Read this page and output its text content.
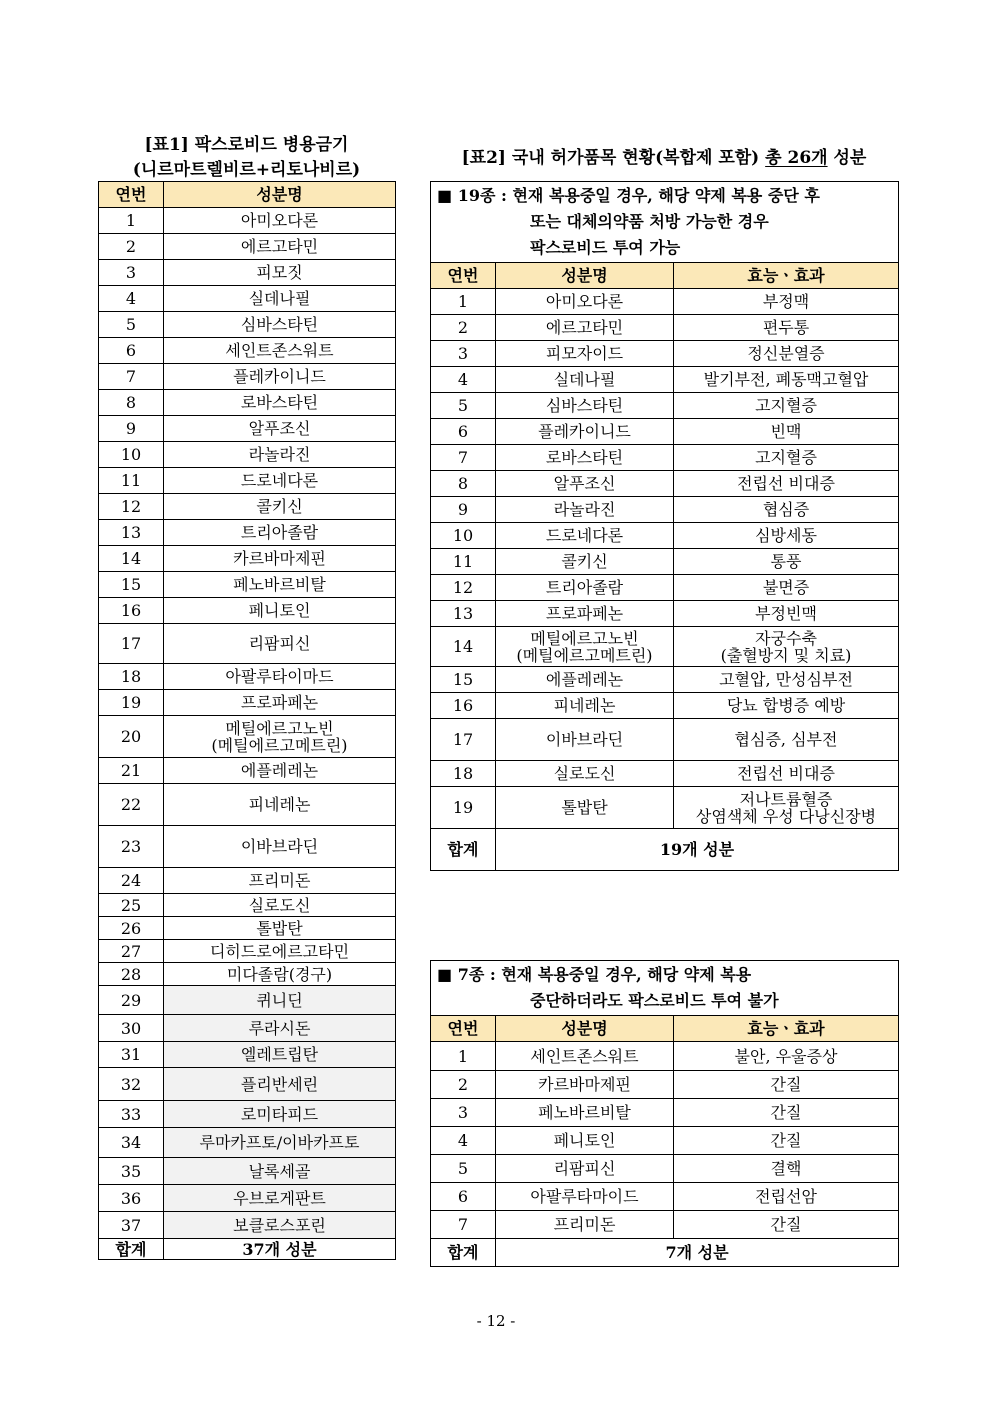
[표1] 팍스로비드 병용금기
(니르마트렐비르+리토나비르)
[표2] 국내 허가품목 현황(복합제 포함) 총 26개 성분
연번	성분명
1	아미오다론
2	에르고타민
3	피모짓
4	실데나필
5	심바스타틴
6	세인트존스워트
7	플레카이니드
8	로바스타틴
9	알푸조신
10	라놀라진
11	드로네다론
12	콜키신
13	트리아졸람
14	카르바마제핀
15	페노바르비탈
16	페니토인
17	리팜피신
18	아팔루타이마드
19	프로파페논
20	메틸에르고노빈
(메틸에르고메트린)
21	에플레레논
22	피네레논
23	이바브라딘
24	프리미돈
25	실로도신
26	톨밥탄
27	디히드로에르고타민
28	미다졸람(경구)
29	퀴니딘
30	루라시돈
31	엘레트립탄
32	플리반세린
33	로미타피드
34	루마카프토/이바카프토
35	날록세골
36	우브로게판트
37	보클로스포린
합계	37개 성분
■ 19종 : 현재 복용중일 경우, 해당 약제 복용 중단 후
또는 대체의약품 처방 가능한 경우
팍스로비드 투여 가능		

연번	성분명	효능ㆍ효과
1	아미오다론	부정맥
2	에르고타민	편두통
3	피모자이드	정신분열증
4	실데나필	발기부전, 폐동맥고혈압
5	심바스타틴	고지혈증
6	플레카이니드	빈맥
7	로바스타틴	고지혈증
8	알푸조신	전립선 비대증
9	라놀라진	협심증
10	드로네다론	심방세동
11	콜키신	통풍
12	트리아졸람	불면증
13	프로파페논	부정빈맥
14	메틸에르고노빈
(메틸에르고메트린)	자궁수축
(출혈방지 및 치료)
15	에플레레논	고혈압, 만성심부전
16	피네레논	당뇨 합병증 예방
17	이바브라딘	협심증, 심부전
18	실로도신	전립선 비대증
19	톨밥탄	저나트륨혈증
상염색체 우성 다낭신장병
합계	19개 성분	
■ 7종 : 현재 복용중일 경우, 해당 약제 복용
중단하더라도 팍스로비드 투여 불가		

연번	성분명	효능ㆍ효과
1	세인트존스워트	불안, 우울증상
2	카르바마제핀	간질
3	페노바르비탈	간질
4	페니토인	간질
5	리팜피신	결핵
6	아팔루타마이드	전립선암
7	프리미돈	간질
합계	7개 성분	
- 12 -
